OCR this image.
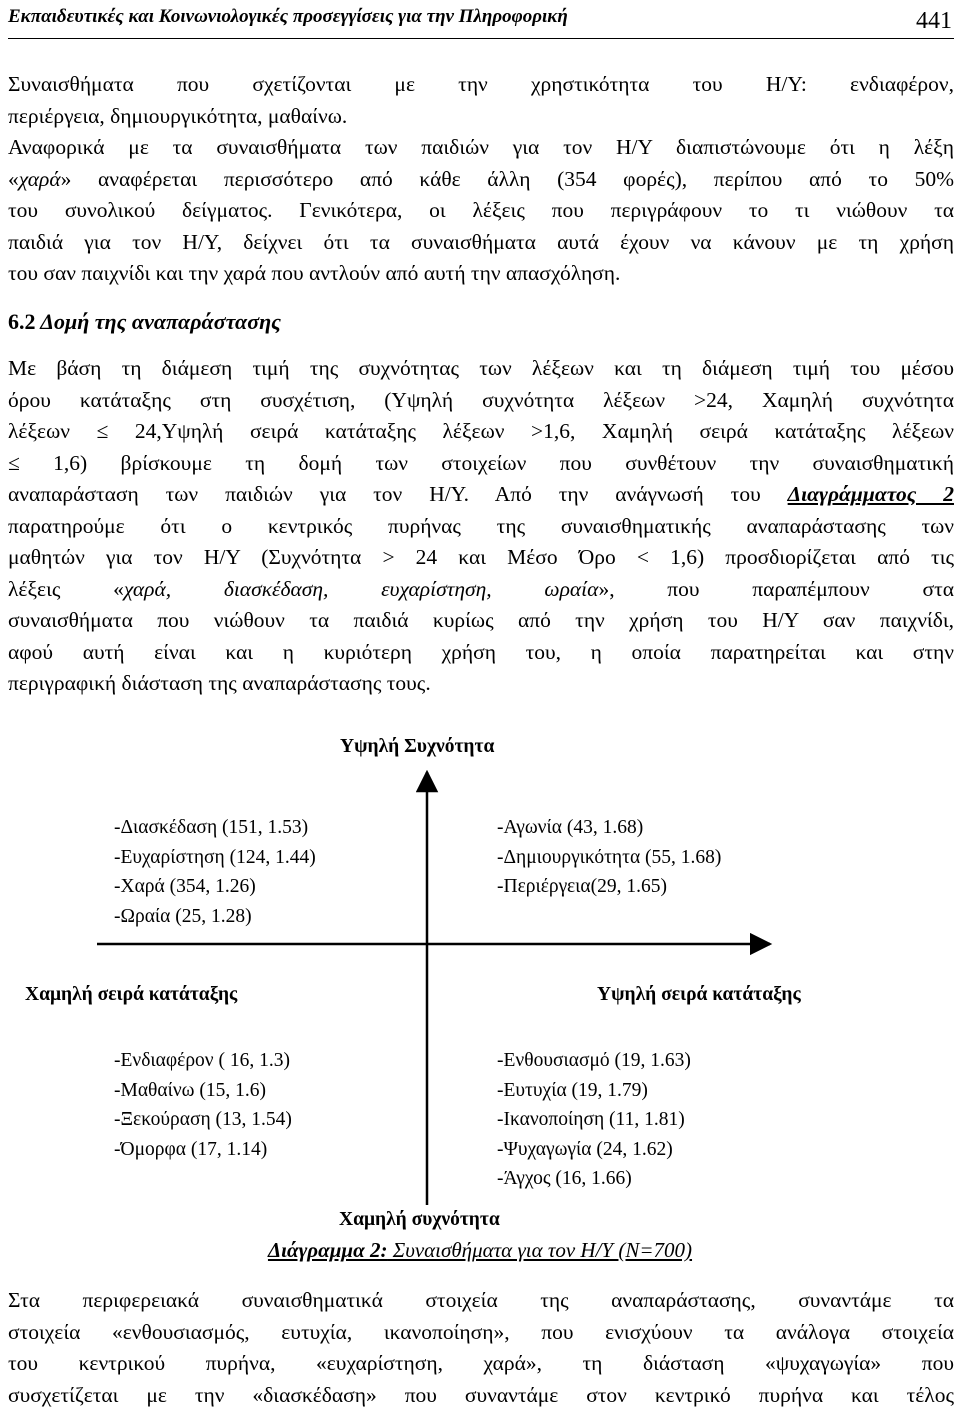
Εκπαιδευτικές και Κοινωνιολογικές προσεγγίσεις για την Πληροφορική	441
Συναισθήματα που σχετίζονται με την χρηστικότητα του Η/Υ: ενδιαφέρον,
περιέργεια, δημιουργικότητα, μαθαίνω.
Αναφορικά με τα συναισθήματα των παιδιών για τον Η/Υ διαπιστώνουμε ότι η λέξη
«χαρά» αναφέρεται περισσότερο από κάθε άλλη (354 φορές), περίπου από το 50%
του συνολικού δείγματος. Γενικότερα, οι λέξεις που περιγράφουν το τι νιώθουν τα
παιδιά για τον Η/Υ, δείχνει ότι τα συναισθήματα αυτά έχουν να κάνουν με τη χρήση
του σαν παιχνίδι και την χαρά που αντλούν από αυτή την απασχόληση.
6.2 Δομή της αναπαράστασης
Με βάση τη διάμεση τιμή της συχνότητας των λέξεων και τη διάμεση τιμή του μέσου
όρου κατάταξης στη συσχέτιση, (Υψηλή συχνότητα λέξεων >24, Χαμηλή συχνότητα
λέξεων ≤ 24,Υψηλή σειρά κατάταξης λέξεων >1,6, Χαμηλή σειρά κατάταξης λέξεων
≤ 1,6) βρίσκουμε τη δομή των στοιχείων που συνθέτουν την συναισθηματική
αναπαράσταση των παιδιών για τον Η/Υ. Από την ανάγνωσή του Διαγράμματος 2
παρατηρούμε ότι ο κεντρικός πυρήνας της συναισθηματικής αναπαράστασης των
μαθητών για τον Η/Υ (Συχνότητα > 24 και Μέσο Όρο < 1,6) προσδιορίζεται από τις
λέξεις «χαρά, διασκέδαση, ευχαρίστηση, ωραία», που παραπέμπουν στα
συναισθήματα που νιώθουν τα παιδιά κυρίως από την χρήση του Η/Υ σαν παιχνίδι,
αφού αυτή είναι και η κυριότερη χρήση του, η οποία παρατηρείται και στην
περιγραφική διάσταση της αναπαράστασης τους.
Υψηλή Συχνότητα
Χαμηλή σειρά κατάταξης	Υψηλή σειρά κατάταξης
Χαμηλή συχνότητα
-Διασκέδαση (151, 1.53)
-Ευχαρίστηση (124, 1.44)
-Χαρά (354, 1.26)
-Ωραία (25, 1.28)
-Αγωνία (43, 1.68)
-Δημιουργικότητα (55, 1.68)
-Περιέργεια(29, 1.65)
-Ενδιαφέρον ( 16, 1.3)
-Μαθαίνω (15, 1.6)
-Ξεκούραση (13, 1.54)
-Όμορφα (17, 1.14)
-Ενθουσιασμό (19, 1.63)
-Ευτυχία (19, 1.79)
-Ικανοποίηση (11, 1.81)
-Ψυχαγωγία (24, 1.62)
-Άγχος (16, 1.66)
Διάγραμμα 2: Συναισθήματα για τον Η/Υ (Ν=700)
Στα περιφερειακά συναισθηματικά στοιχεία της αναπαράστασης, συναντάμε τα
στοιχεία «ενθουσιασμός, ευτυχία, ικανοποίηση», που ενισχύουν τα ανάλογα στοιχεία
του κεντρικού πυρήνα, «ευχαρίστηση, χαρά», τη διάσταση «ψυχαγωγία» που
συσχετίζεται με την «διασκέδαση» που συναντάμε στον κεντρικό πυρήνα και τέλος
